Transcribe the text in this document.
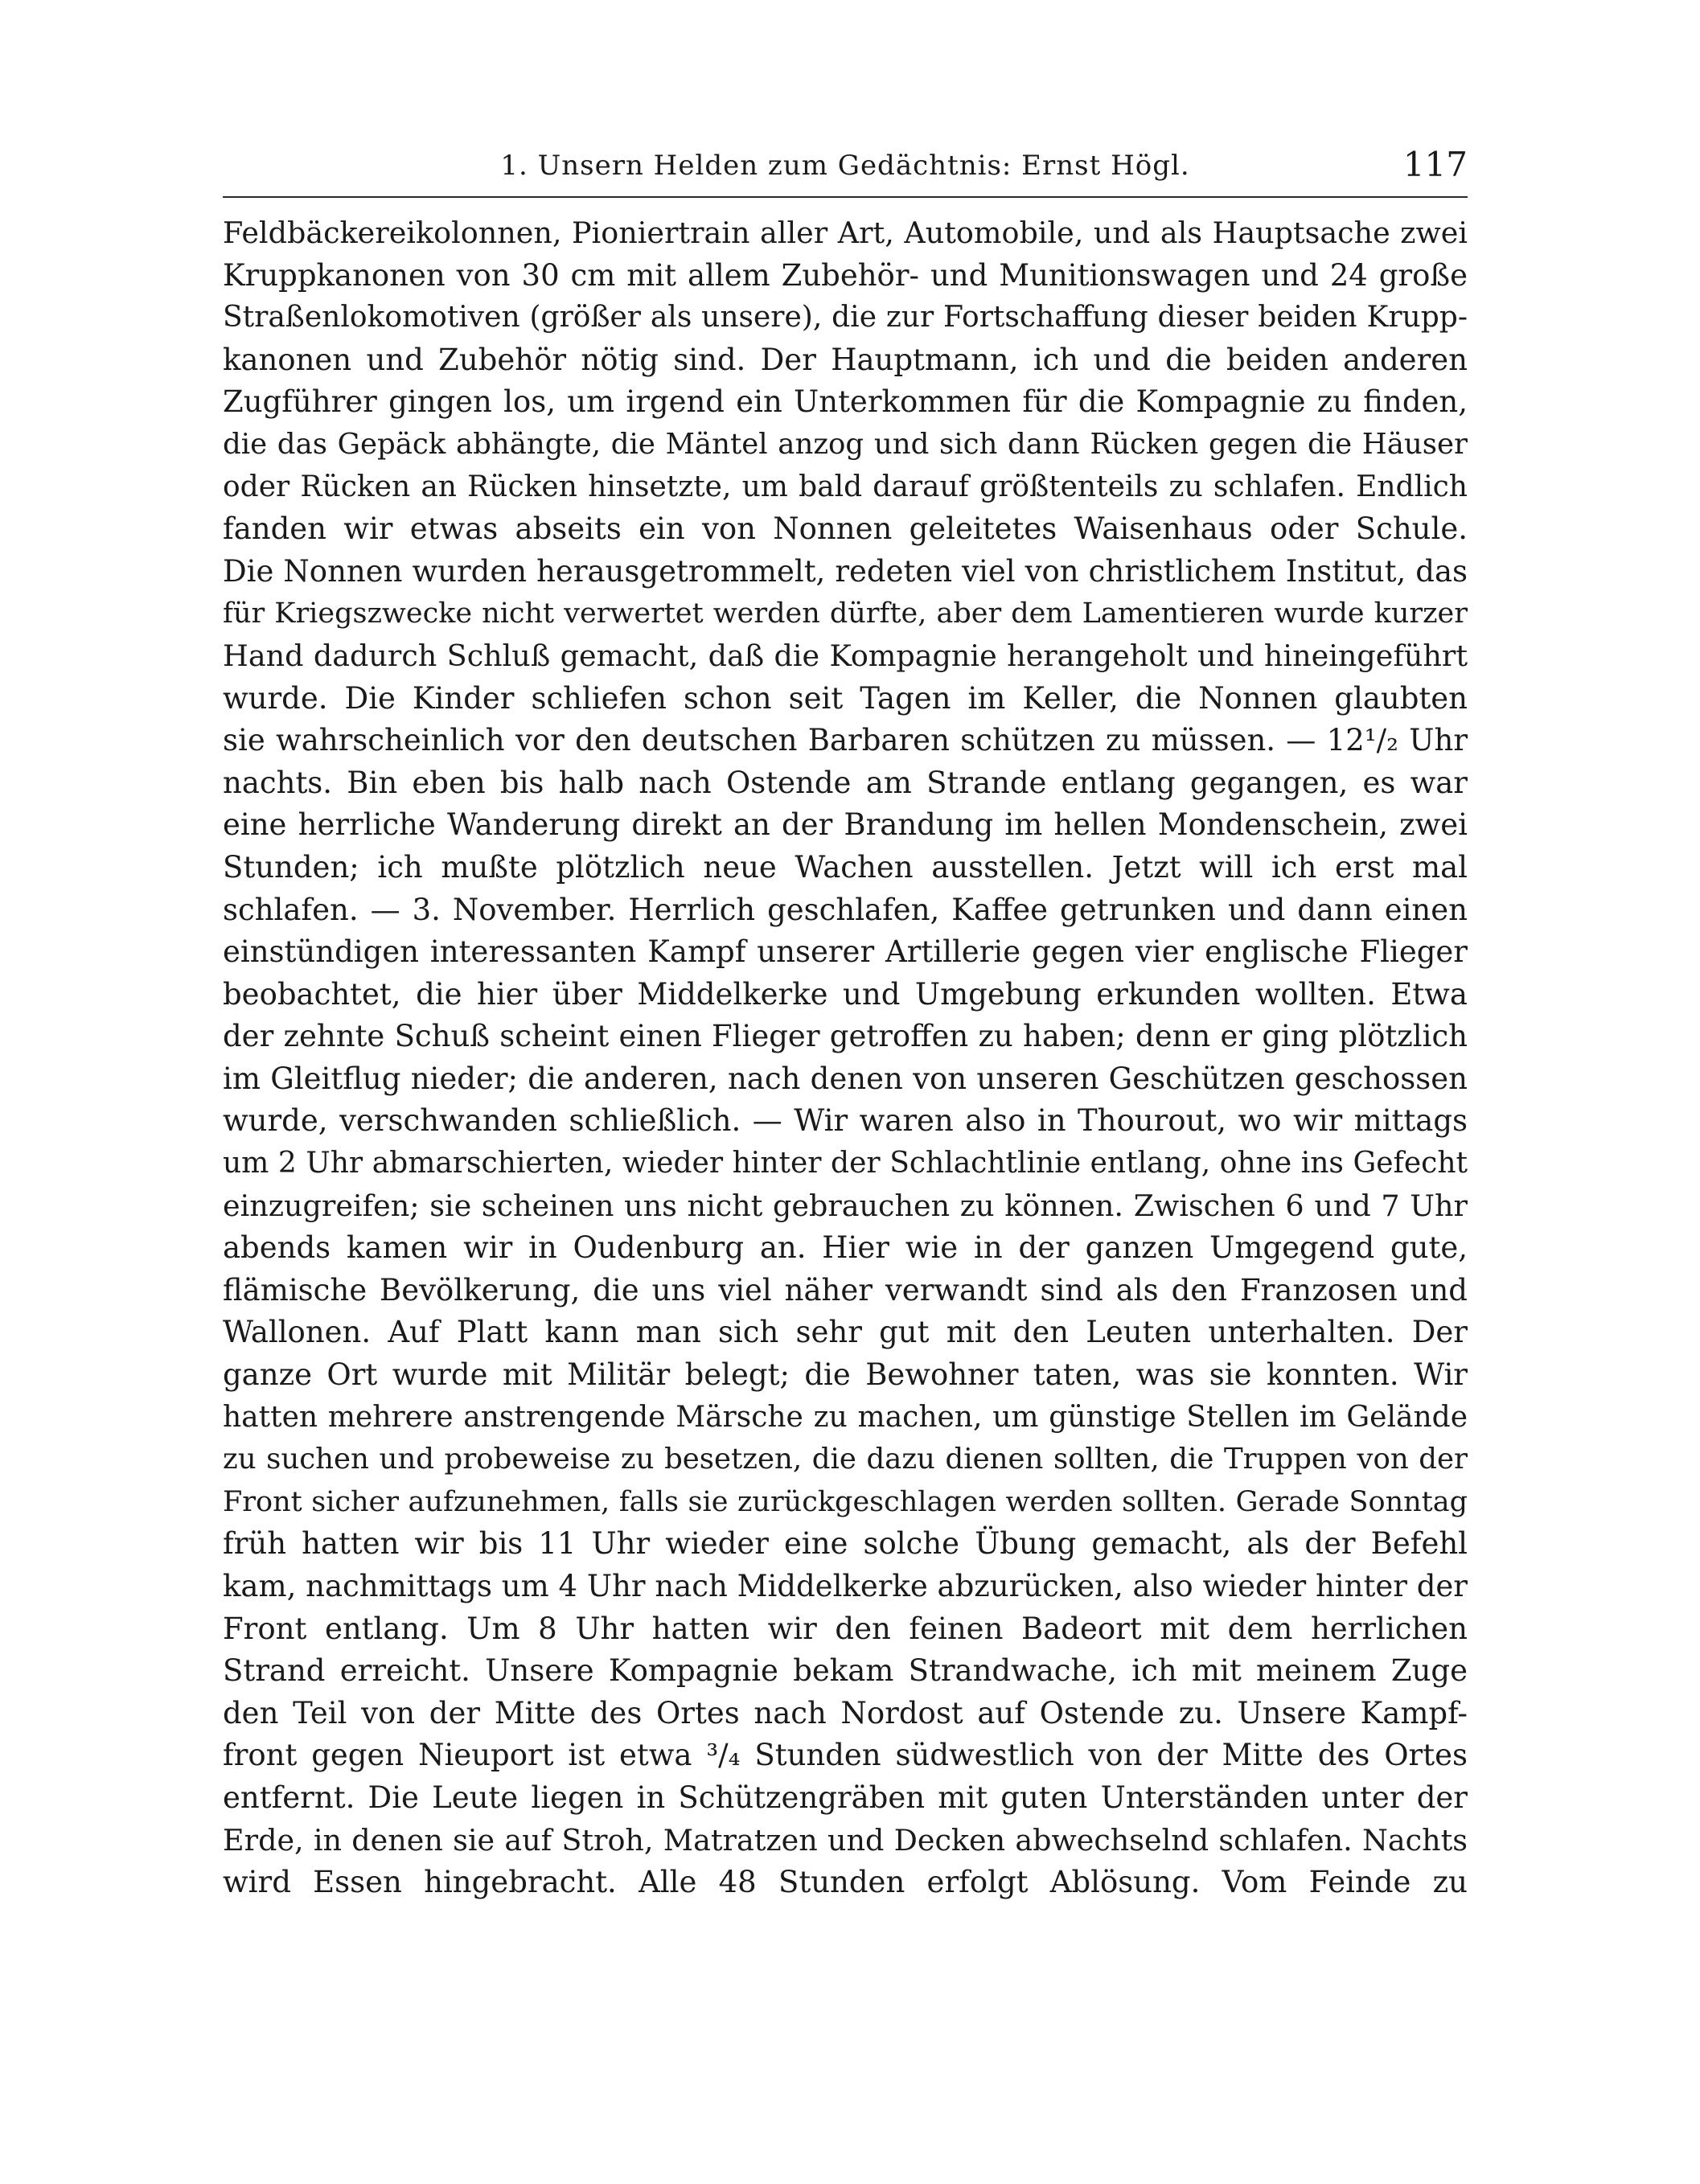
1. Unsern Helden zum Gedächtnis: Ernst Högl.	117
Feldbäckereikolonnen, Pioniertrain aller Art, Automobile, und als Hauptsache zwei
Kruppkanonen von 30 cm mit allem Zubehör- und Munitionswagen und 24 große
Straßenlokomotiven (größer als unsere), die zur Fortschaffung dieser beiden Krupp-
kanonen und Zubehör nötig sind. Der Hauptmann, ich und die beiden anderen
Zugführer gingen los, um irgend ein Unterkommen für die Kompagnie zu finden,
die das Gepäck abhängte, die Mäntel anzog und sich dann Rücken gegen die Häuser
oder Rücken an Rücken hinsetzte, um bald darauf größtenteils zu schlafen. Endlich
fanden wir etwas abseits ein von Nonnen geleitetes Waisenhaus oder Schule.
Die Nonnen wurden herausgetrommelt, redeten viel von christlichem Institut, das
für Kriegszwecke nicht verwertet werden dürfte, aber dem Lamentieren wurde kurzer
Hand dadurch Schluß gemacht, daß die Kompagnie herangeholt und hineingeführt
wurde. Die Kinder schliefen schon seit Tagen im Keller, die Nonnen glaubten
sie wahrscheinlich vor den deutschen Barbaren schützen zu müssen. — 12¹/₂ Uhr
nachts. Bin eben bis halb nach Ostende am Strande entlang gegangen, es war
eine herrliche Wanderung direkt an der Brandung im hellen Mondenschein, zwei
Stunden; ich mußte plötzlich neue Wachen ausstellen. Jetzt will ich erst mal
schlafen. — 3. November. Herrlich geschlafen, Kaffee getrunken und dann einen
einstündigen interessanten Kampf unserer Artillerie gegen vier englische Flieger
beobachtet, die hier über Middelkerke und Umgebung erkunden wollten. Etwa
der zehnte Schuß scheint einen Flieger getroffen zu haben; denn er ging plötzlich
im Gleitflug nieder; die anderen, nach denen von unseren Geschützen geschossen
wurde, verschwanden schließlich. — Wir waren also in Thourout, wo wir mittags
um 2 Uhr abmarschierten, wieder hinter der Schlachtlinie entlang, ohne ins Gefecht
einzugreifen; sie scheinen uns nicht gebrauchen zu können. Zwischen 6 und 7 Uhr
abends kamen wir in Oudenburg an. Hier wie in der ganzen Umgegend gute,
flämische Bevölkerung, die uns viel näher verwandt sind als den Franzosen und
Wallonen. Auf Platt kann man sich sehr gut mit den Leuten unterhalten. Der
ganze Ort wurde mit Militär belegt; die Bewohner taten, was sie konnten. Wir
hatten mehrere anstrengende Märsche zu machen, um günstige Stellen im Gelände
zu suchen und probeweise zu besetzen, die dazu dienen sollten, die Truppen von der
Front sicher aufzunehmen, falls sie zurückgeschlagen werden sollten. Gerade Sonntag
früh hatten wir bis 11 Uhr wieder eine solche Übung gemacht, als der Befehl
kam, nachmittags um 4 Uhr nach Middelkerke abzurücken, also wieder hinter der
Front entlang. Um 8 Uhr hatten wir den feinen Badeort mit dem herrlichen
Strand erreicht. Unsere Kompagnie bekam Strandwache, ich mit meinem Zuge
den Teil von der Mitte des Ortes nach Nordost auf Ostende zu. Unsere Kampf-
front gegen Nieuport ist etwa ³/₄ Stunden südwestlich von der Mitte des Ortes
entfernt. Die Leute liegen in Schützengräben mit guten Unterständen unter der
Erde, in denen sie auf Stroh, Matratzen und Decken abwechselnd schlafen. Nachts
wird Essen hingebracht. Alle 48 Stunden erfolgt Ablösung. Vom Feinde zu
